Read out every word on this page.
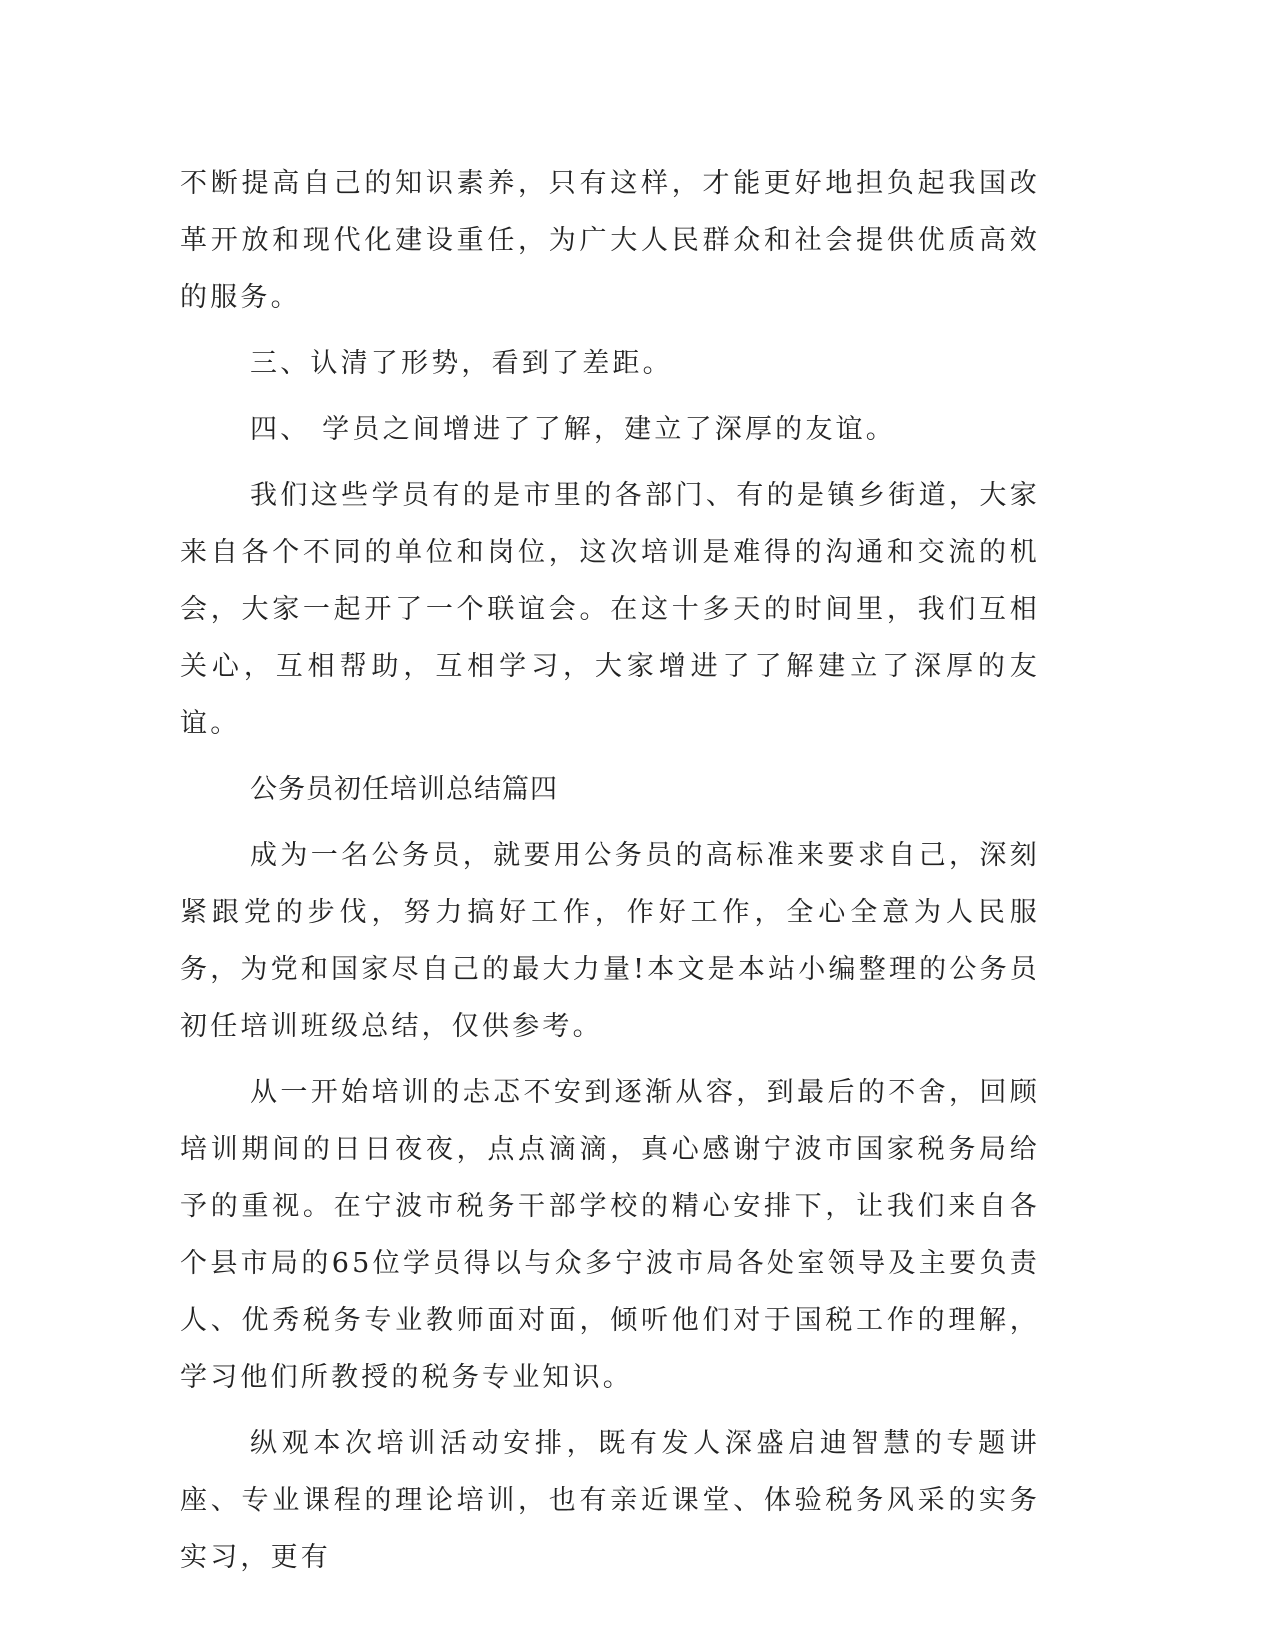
不断提高自己的知识素养，只有这样，才能更好地担负起我国改革开放和现代化建设重任，为广大人民群众和社会提供优质高效的服务。

三、认清了形势，看到了差距。

四、 学员之间增进了了解，建立了深厚的友谊。

我们这些学员有的是市里的各部门、有的是镇乡街道，大家来自各个不同的单位和岗位，这次培训是难得的沟通和交流的机会，大家一起开了一个联谊会。在这十多天的时间里，我们互相关心，互相帮助，互相学习，大家增进了了解建立了深厚的友谊。

公务员初任培训总结篇四

成为一名公务员，就要用公务员的高标准来要求自己，深刻紧跟党的步伐，努力搞好工作，作好工作，全心全意为人民服务，为党和国家尽自己的最大力量!本文是本站小编整理的公务员初任培训班级总结，仅供参考。

从一开始培训的忐忑不安到逐渐从容，到最后的不舍，回顾培训期间的日日夜夜，点点滴滴，真心感谢宁波市国家税务局给予的重视。在宁波市税务干部学校的精心安排下，让我们来自各个县市局的65位学员得以与众多宁波市局各处室领导及主要负责人、优秀税务专业教师面对面，倾听他们对于国税工作的理解，学习他们所教授的税务专业知识。

纵观本次培训活动安排，既有发人深盛启迪智慧的专题讲座、专业课程的理论培训，也有亲近课堂、体验税务风采的实务实习，更有
